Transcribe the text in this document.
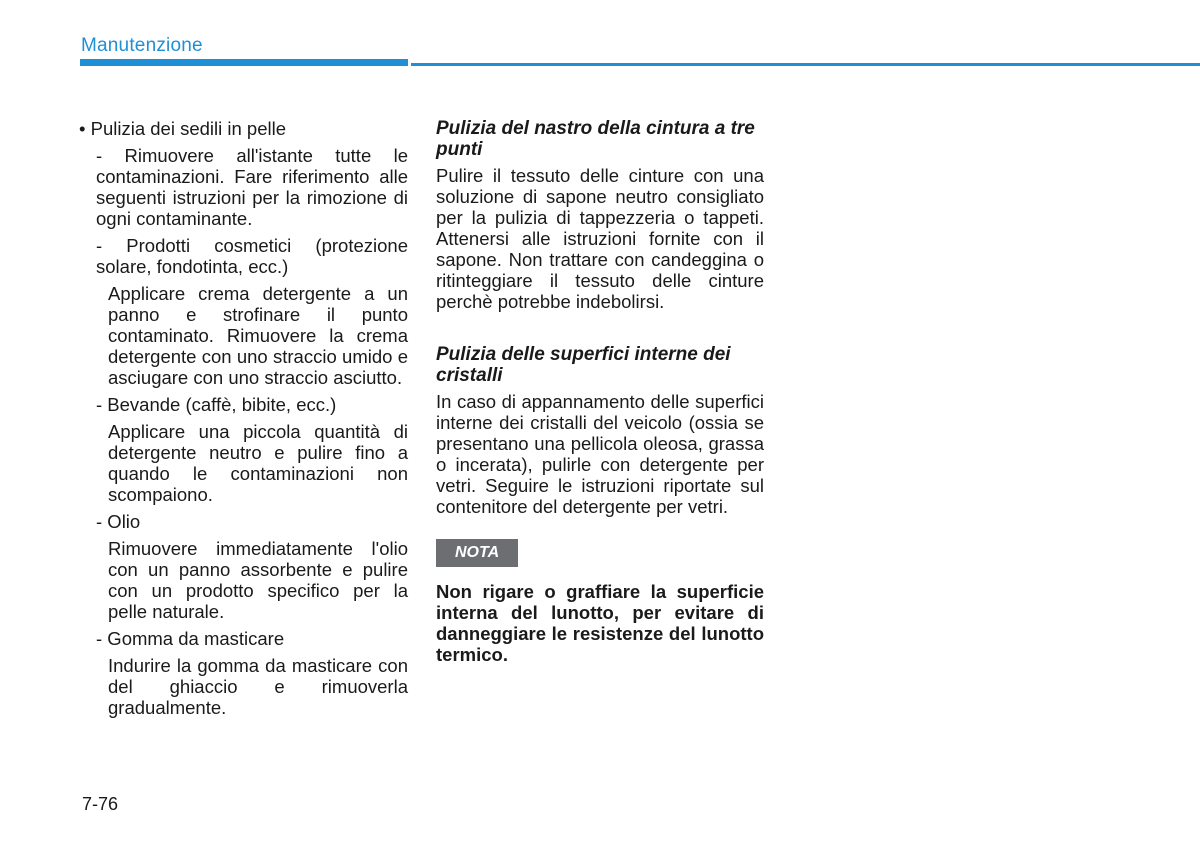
Manutenzione

• Pulizia dei sedili in pelle

- Rimuovere all'istante tutte le contaminazioni. Fare riferimento alle seguenti istruzioni per la rimozione di ogni contaminante.

- Prodotti cosmetici (protezione solare, fondotinta, ecc.)

Applicare crema detergente a un panno e strofinare il punto contaminato. Rimuovere la crema detergente con uno straccio umido e asciugare con uno straccio asciutto.

- Bevande (caffè, bibite, ecc.)

Applicare una piccola quantità di detergente neutro e pulire fino a quando le contaminazioni non scompaiono.

- Olio

Rimuovere immediatamente l'olio con un panno assorbente e pulire con un prodotto specifico per la pelle naturale.

- Gomma da masticare

Indurire la gomma da masticare con del ghiaccio e rimuoverla gradualmente.

Pulizia del nastro della cintura a tre punti

Pulire il tessuto delle cinture con una soluzione di sapone neutro consigliato per la pulizia di tappezzeria o tappeti. Attenersi alle istruzioni fornite con il sapone. Non trattare con candeggina o ritinteggiare il tessuto delle cinture perchè potrebbe indebolirsi.

Pulizia delle superfici interne dei cristalli

In caso di appannamento delle superfici interne dei cristalli del veicolo (ossia se presentano una pellicola oleosa, grassa o incerata), pulirle con detergente per vetri. Seguire le istruzioni riportate sul contenitore del detergente per vetri.

NOTA

Non rigare o graffiare la superficie interna del lunotto, per evitare di danneggiare le resistenze del lunotto termico.

7-76
